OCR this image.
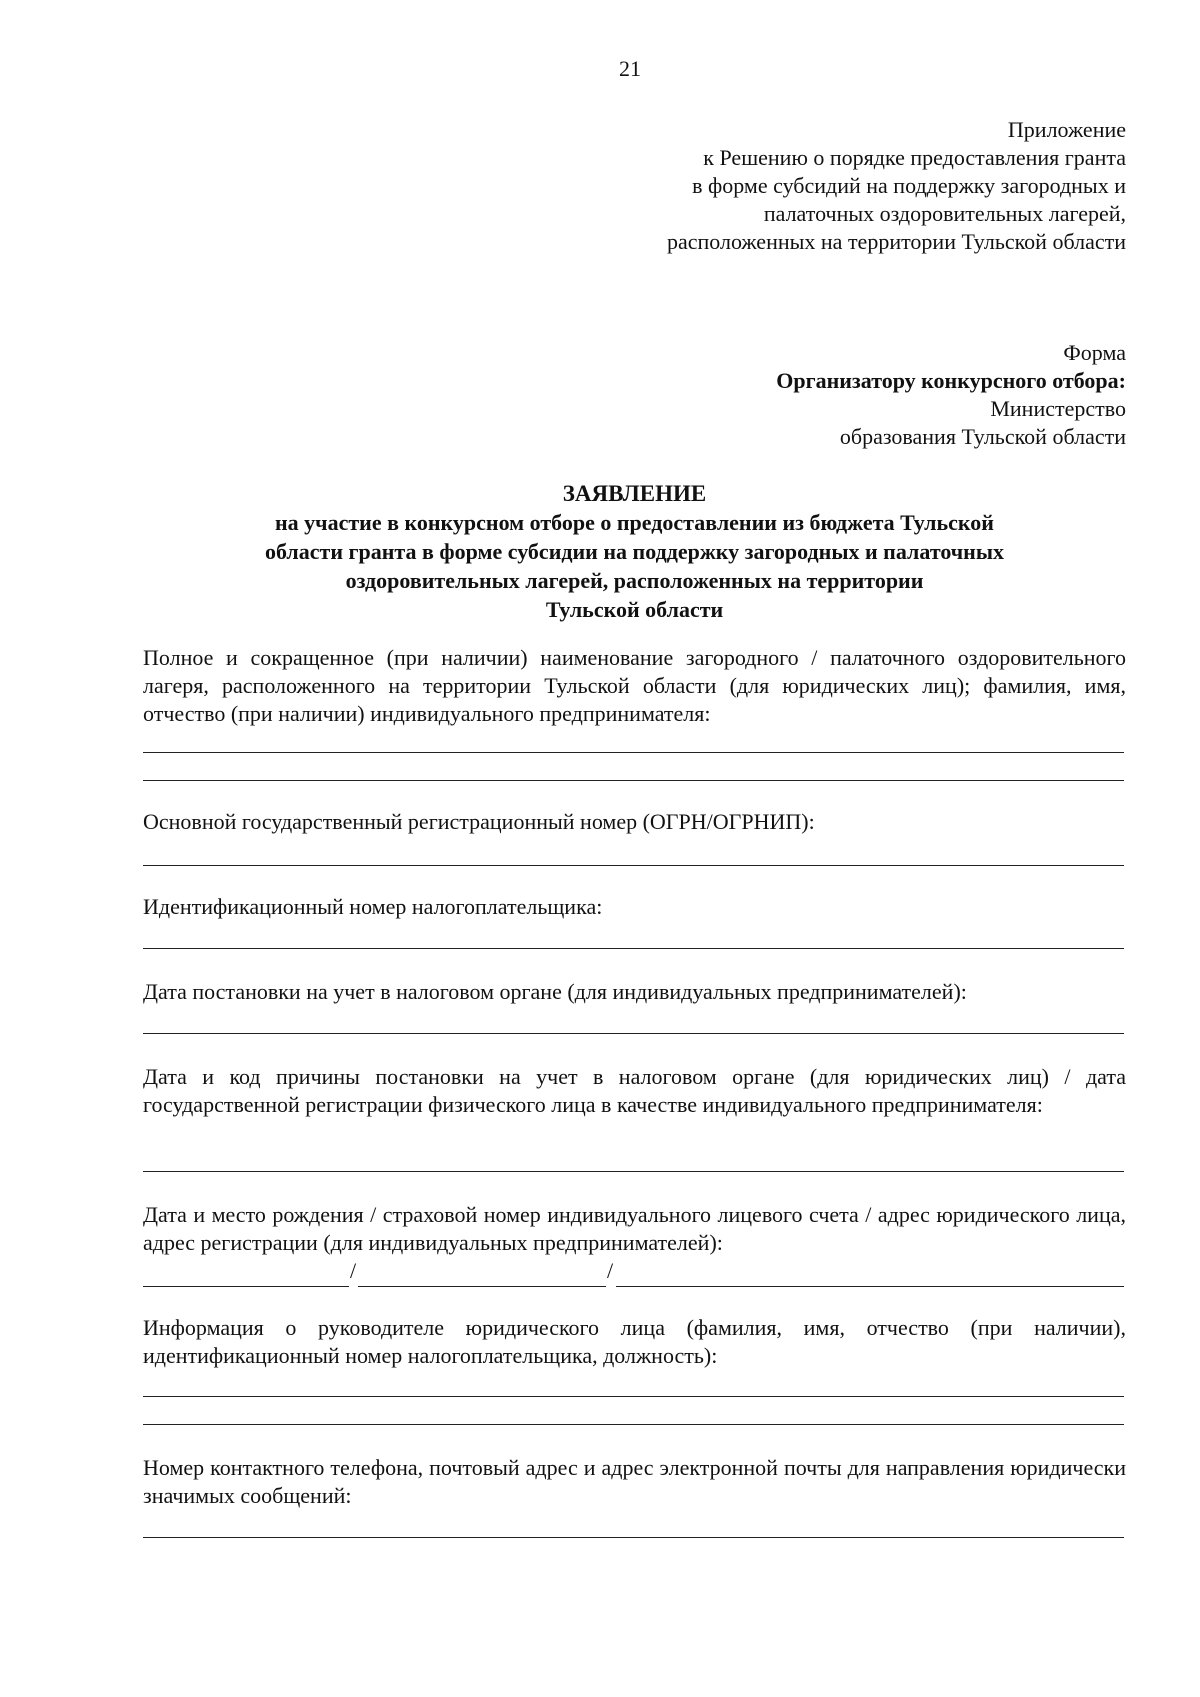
21
Приложение
к Решению о порядке предоставления гранта
в форме субсидий на поддержку загородных и
палаточных оздоровительных лагерей,
расположенных на территории Тульской области
Форма
Организатору конкурсного отбора:
Министерство
образования Тульской области
ЗАЯВЛЕНИЕ
на участие в конкурсном отборе о предоставлении из бюджета Тульской
области гранта в форме субсидии на поддержку загородных и палаточных
оздоровительных лагерей, расположенных на территории
Тульской области
Полное и сокращенное (при наличии) наименование загородного / палаточного оздоровительного лагеря, расположенного на территории Тульской области (для юридических лиц); фамилия, имя, отчество (при наличии) индивидуального предпринимателя:
Основной государственный регистрационный номер (ОГРН/ОГРНИП):
Идентификационный номер налогоплательщика:
Дата постановки на учет в налоговом органе (для индивидуальных предпринимателей):
Дата и код причины постановки на учет в налоговом органе (для юридических лиц) / дата государственной регистрации физического лица в качестве индивидуального предпринимателя:
Дата и место рождения / страховой номер индивидуального лицевого счета / адрес юридического лица, адрес регистрации (для индивидуальных предпринимателей):
/	/
Информация о руководителе юридического лица (фамилия, имя, отчество (при наличии), идентификационный номер налогоплательщика, должность):
Номер контактного телефона, почтовый адрес и адрес электронной почты для направления юридически значимых сообщений:
